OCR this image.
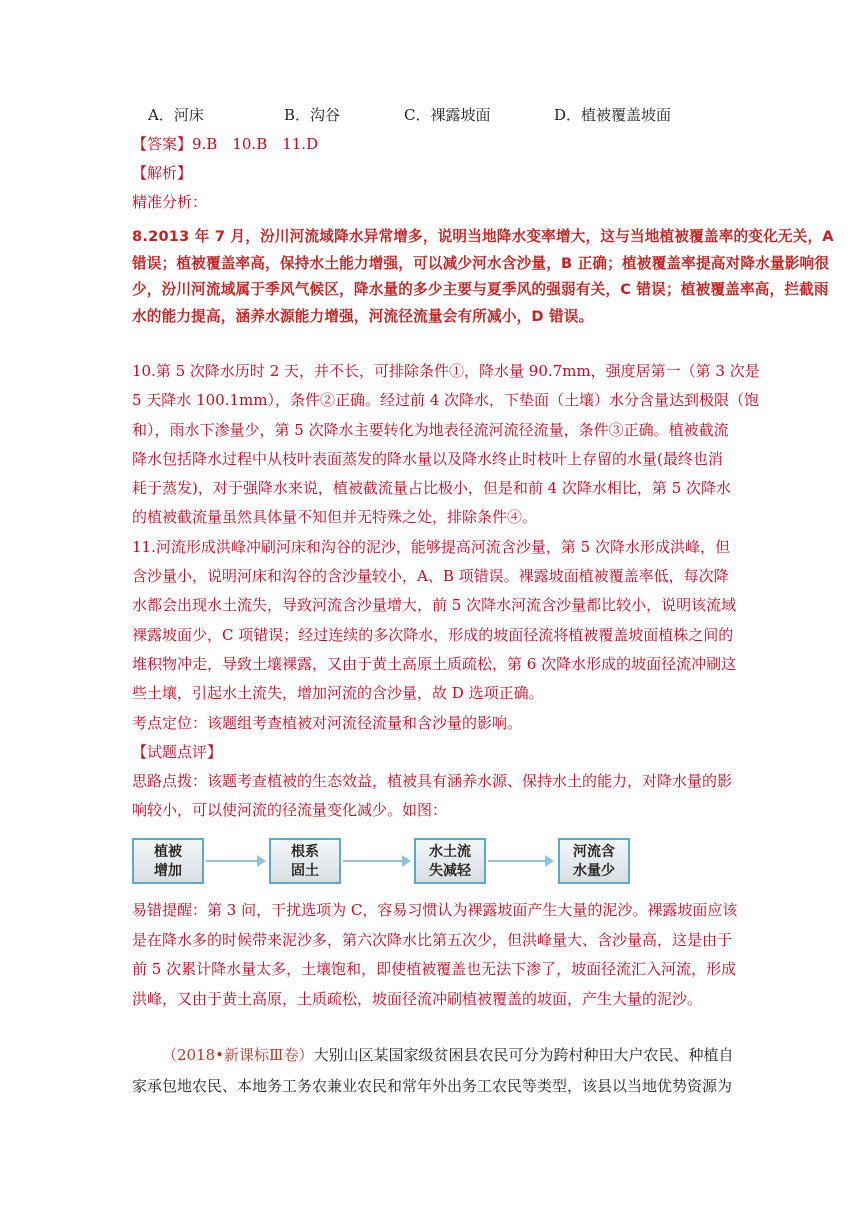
A．河床	B．沟谷	C．裸露坡面	D．植被覆盖坡面
【答案】9.B　10.B　11.D
【解析】
精准分析：
8.2013 年 7 月，汾川河流域降水异常增多，说明当地降水变率增大，这与当地植被覆盖率的变化无关，A
错误；植被覆盖率高，保持水土能力增强，可以减少河水含沙量，B 正确；植被覆盖率提高对降水量影响很
少，汾川河流域属于季风气候区，降水量的多少主要与夏季风的强弱有关，C 错误；植被覆盖率高，拦截雨
水的能力提高，涵养水源能力增强，河流径流量会有所减小，D 错误。
10.第 5 次降水历时 2 天，并不长，可排除条件①，降水量 90.7mm，强度居第一（第 3 次是
5 天降水 100.1mm），条件②正确。经过前 4 次降水，下垫面（土壤）水分含量达到极限（饱
和），雨水下渗量少，第 5 次降水主要转化为地表径流河流径流量，条件③正确。植被截流
降水包括降水过程中从枝叶表面蒸发的降水量以及降水终止时枝叶上存留的水量(最终也消
耗于蒸发)，对于强降水来说，植被截流量占比极小，但是和前 4 次降水相比，第 5 次降水
的植被截流量虽然具体量不知但并无特殊之处，排除条件④。
11.河流形成洪峰冲刷河床和沟谷的泥沙，能够提高河流含沙量，第 5 次降水形成洪峰，但
含沙量小，说明河床和沟谷的含沙量较小，A、B 项错误。裸露坡面植被覆盖率低，每次降
水都会出现水土流失，导致河流含沙量增大，前 5 次降水河流含沙量都比较小，说明该流域
裸露坡面少，C 项错误；经过连续的多次降水，形成的坡面径流将植被覆盖坡面植株之间的
堆积物冲走，导致土壤裸露，又由于黄土高原土质疏松，第 6 次降水形成的坡面径流冲刷这
些土壤，引起水土流失，增加河流的含沙量，故 D 选项正确。
考点定位：该题组考查植被对河流径流量和含沙量的影响。
【试题点评】
思路点拨：该题考查植被的生态效益，植被具有涵养水源、保持水土的能力，对降水量的影
响较小，可以使河流的径流量变化减少。如图：
植被
增加
根系
固土
水土流
失减轻
河流含
水量少
易错提醒：第 3 问，干扰选项为 C，容易习惯认为裸露坡面产生大量的泥沙。裸露坡面应该
是在降水多的时候带来泥沙多，第六次降水比第五次少，但洪峰量大、含沙量高，这是由于
前 5 次累计降水量太多，土壤饱和，即使植被覆盖也无法下渗了，坡面径流汇入河流，形成
洪峰，又由于黄土高原，土质疏松，坡面径流冲刷植被覆盖的坡面，产生大量的泥沙。
（2018•新课标Ⅲ卷）大别山区某国家级贫困县农民可分为跨村种田大户农民、种植自
家承包地农民、本地务工务农兼业农民和常年外出务工农民等类型，该县以当地优势资源为
